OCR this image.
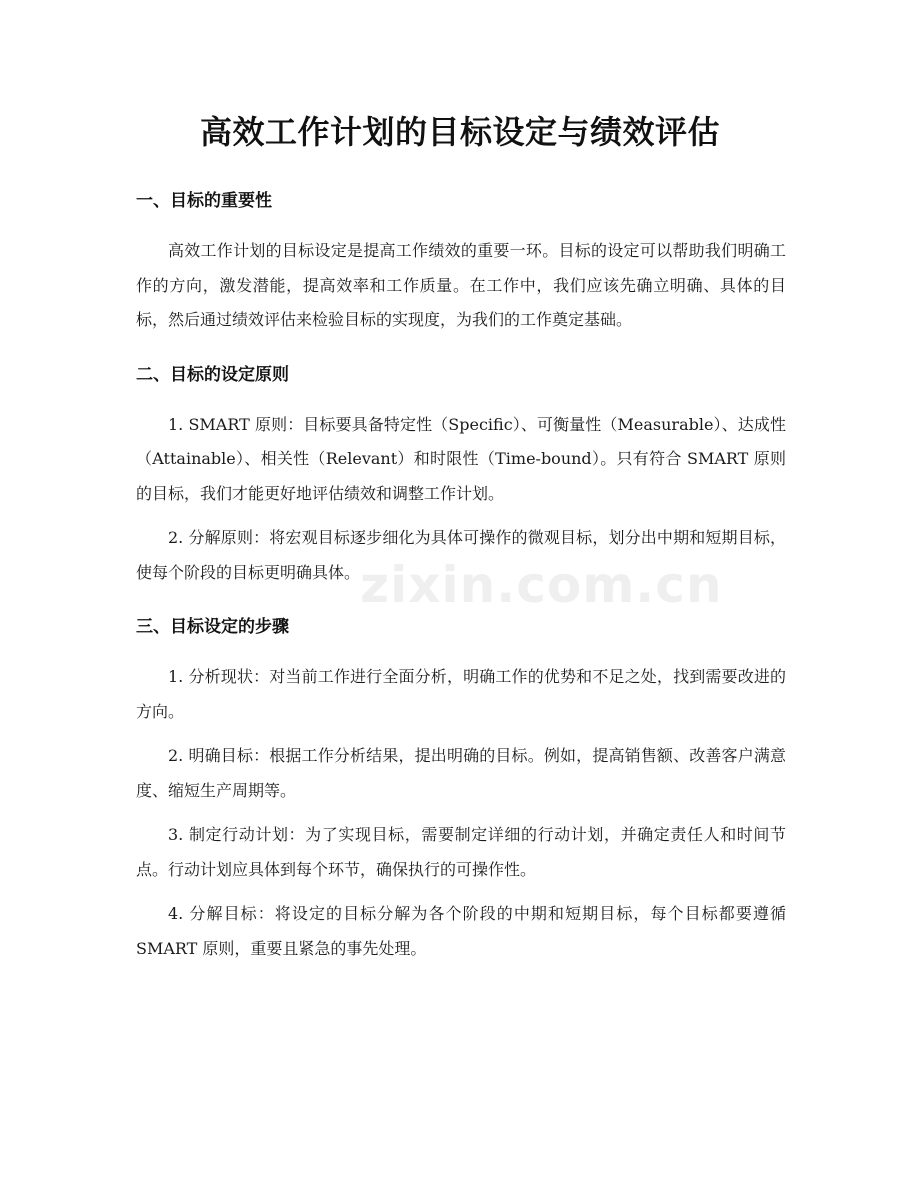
高效工作计划的目标设定与绩效评估
一、目标的重要性

高效工作计划的目标设定是提高工作绩效的重要一环。目标的设定可以帮助我们明确工作的方向，激发潜能，提高效率和工作质量。在工作中，我们应该先确立明确、具体的目标，然后通过绩效评估来检验目标的实现度，为我们的工作奠定基础。

二、目标的设定原则

1. SMART 原则：目标要具备特定性（Specific）、可衡量性（Measurable）、达成性（Attainable）、相关性（Relevant）和时限性（Time-bound）。只有符合 SMART 原则的目标，我们才能更好地评估绩效和调整工作计划。

2. 分解原则：将宏观目标逐步细化为具体可操作的微观目标，划分出中期和短期目标，使每个阶段的目标更明确具体。

三、目标设定的步骤

1. 分析现状：对当前工作进行全面分析，明确工作的优势和不足之处，找到需要改进的方向。

2. 明确目标：根据工作分析结果，提出明确的目标。例如，提高销售额、改善客户满意度、缩短生产周期等。

3. 制定行动计划：为了实现目标，需要制定详细的行动计划，并确定责任人和时间节点。行动计划应具体到每个环节，确保执行的可操作性。

4. 分解目标：将设定的目标分解为各个阶段的中期和短期目标，每个目标都要遵循 SMART 原则，重要且紧急的事先处理。

zixin.com.cn
